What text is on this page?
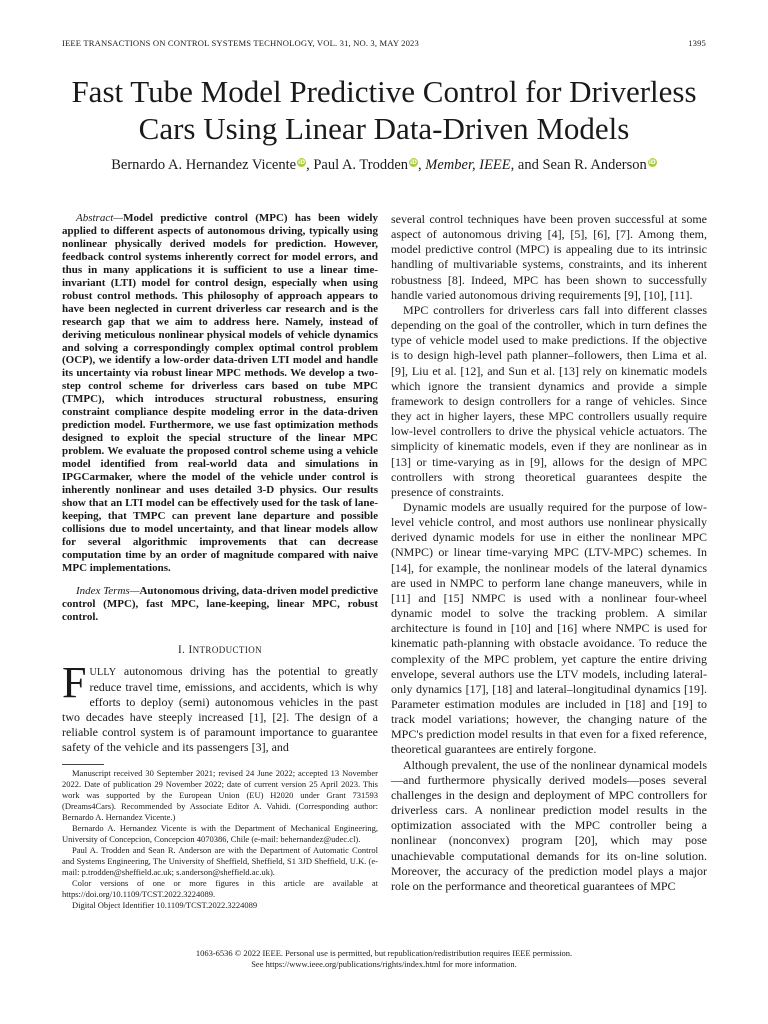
IEEE TRANSACTIONS ON CONTROL SYSTEMS TECHNOLOGY, VOL. 31, NO. 3, MAY 2023	1395
Fast Tube Model Predictive Control for Driverless
Cars Using Linear Data-Driven Models
Bernardo A. Hernandez Vicente iD, Paul A. Trodden iD, Member, IEEE, and Sean R. Anderson iD

Abstract—Model predictive control (MPC) has been widely applied to different aspects of autonomous driving, typically using nonlinear physically derived models for prediction. However, feedback control systems inherently correct for model errors, and thus in many applications it is sufficient to use a linear time-invariant (LTI) model for control design, especially when using robust control methods. This philosophy of approach appears to have been neglected in current driverless car research and is the research gap that we aim to address here. Namely, instead of deriving meticulous nonlinear physical models of vehicle dynamics and solving a correspondingly complex optimal control problem (OCP), we identify a low-order data-driven LTI model and handle its uncertainty via robust linear MPC methods. We develop a two-step control scheme for driverless cars based on tube MPC (TMPC), which introduces structural robustness, ensuring constraint compliance despite modeling error in the data-driven prediction model. Furthermore, we use fast optimization methods designed to exploit the special structure of the linear MPC problem. We evaluate the proposed control scheme using a vehicle model identified from real-world data and simulations in IPGCarmaker, where the model of the vehicle under control is inherently nonlinear and uses detailed 3-D physics. Our results show that an LTI model can be effectively used for the task of lane-keeping, that TMPC can prevent lane departure and possible collisions due to model uncertainty, and that linear models allow for several algorithmic improvements that can decrease computation time by an order of magnitude compared with naive MPC implementations.

Index Terms—Autonomous driving, data-driven model predictive control (MPC), fast MPC, lane-keeping, linear MPC, robust control.

I. INTRODUCTION

FULLY autonomous driving has the potential to greatly reduce travel time, emissions, and accidents, which is why efforts to deploy (semi) autonomous vehicles in the past two decades have steeply increased [1], [2]. The design of a reliable control system is of paramount importance to guarantee safety of the vehicle and its passengers [3], and

Manuscript received 30 September 2021; revised 24 June 2022; accepted 13 November 2022. Date of publication 29 November 2022; date of current version 25 April 2023. This work was supported by the European Union (EU) H2020 under Grant 731593 (Dreams4Cars). Recommended by Associate Editor A. Vahidi. (Corresponding author: Bernardo A. Hernandez Vicente.)

Bernardo A. Hernandez Vicente is with the Department of Mechanical Engineering, University of Concepcion, Concepcion 4070386, Chile (e-mail: behernandez@udec.cl).

Paul A. Trodden and Sean R. Anderson are with the Department of Automatic Control and Systems Engineering, The University of Sheffield, Sheffield, S1 3JD Sheffield, U.K. (e-mail: p.trodden@sheffield.ac.uk; s.anderson@sheffield.ac.uk).

Color versions of one or more figures in this article are available at https://doi.org/10.1109/TCST.2022.3224089.

Digital Object Identifier 10.1109/TCST.2022.3224089

several control techniques have been proven successful at some aspect of autonomous driving [4], [5], [6], [7]. Among them, model predictive control (MPC) is appealing due to its intrinsic handling of multivariable systems, constraints, and its inherent robustness [8]. Indeed, MPC has been shown to successfully handle varied autonomous driving requirements [9], [10], [11].

MPC controllers for driverless cars fall into different classes depending on the goal of the controller, which in turn defines the type of vehicle model used to make predictions. If the objective is to design high-level path planner–followers, then Lima et al. [9], Liu et al. [12], and Sun et al. [13] rely on kinematic models which ignore the transient dynamics and provide a simple framework to design controllers for a range of vehicles. Since they act in higher layers, these MPC controllers usually require low-level controllers to drive the physical vehicle actuators. The simplicity of kinematic models, even if they are nonlinear as in [13] or time-varying as in [9], allows for the design of MPC controllers with strong theoretical guarantees despite the presence of constraints.

Dynamic models are usually required for the purpose of low-level vehicle control, and most authors use nonlinear physically derived dynamic models for use in either the nonlinear MPC (NMPC) or linear time-varying MPC (LTV-MPC) schemes. In [14], for example, the nonlinear models of the lateral dynamics are used in NMPC to perform lane change maneuvers, while in [11] and [15] NMPC is used with a nonlinear four-wheel dynamic model to solve the tracking problem. A similar architecture is found in [10] and [16] where NMPC is used for kinematic path-planning with obstacle avoidance. To reduce the complexity of the MPC problem, yet capture the entire driving envelope, several authors use the LTV models, including lateral-only dynamics [17], [18] and lateral–longitudinal dynamics [19]. Parameter estimation modules are included in [18] and [19] to track model variations; however, the changing nature of the MPC's prediction model results in that even for a fixed reference, theoretical guarantees are entirely forgone.

Although prevalent, the use of the nonlinear dynamical models—and furthermore physically derived models—poses several challenges in the design and deployment of MPC controllers for driverless cars. A nonlinear prediction model results in the optimization associated with the MPC controller being a nonlinear (nonconvex) program [20], which may pose unachievable computational demands for its on-line solution. Moreover, the accuracy of the prediction model plays a major role on the performance and theoretical guarantees of MPC

1063-6536 © 2022 IEEE. Personal use is permitted, but republication/redistribution requires IEEE permission.
See https://www.ieee.org/publications/rights/index.html for more information.
